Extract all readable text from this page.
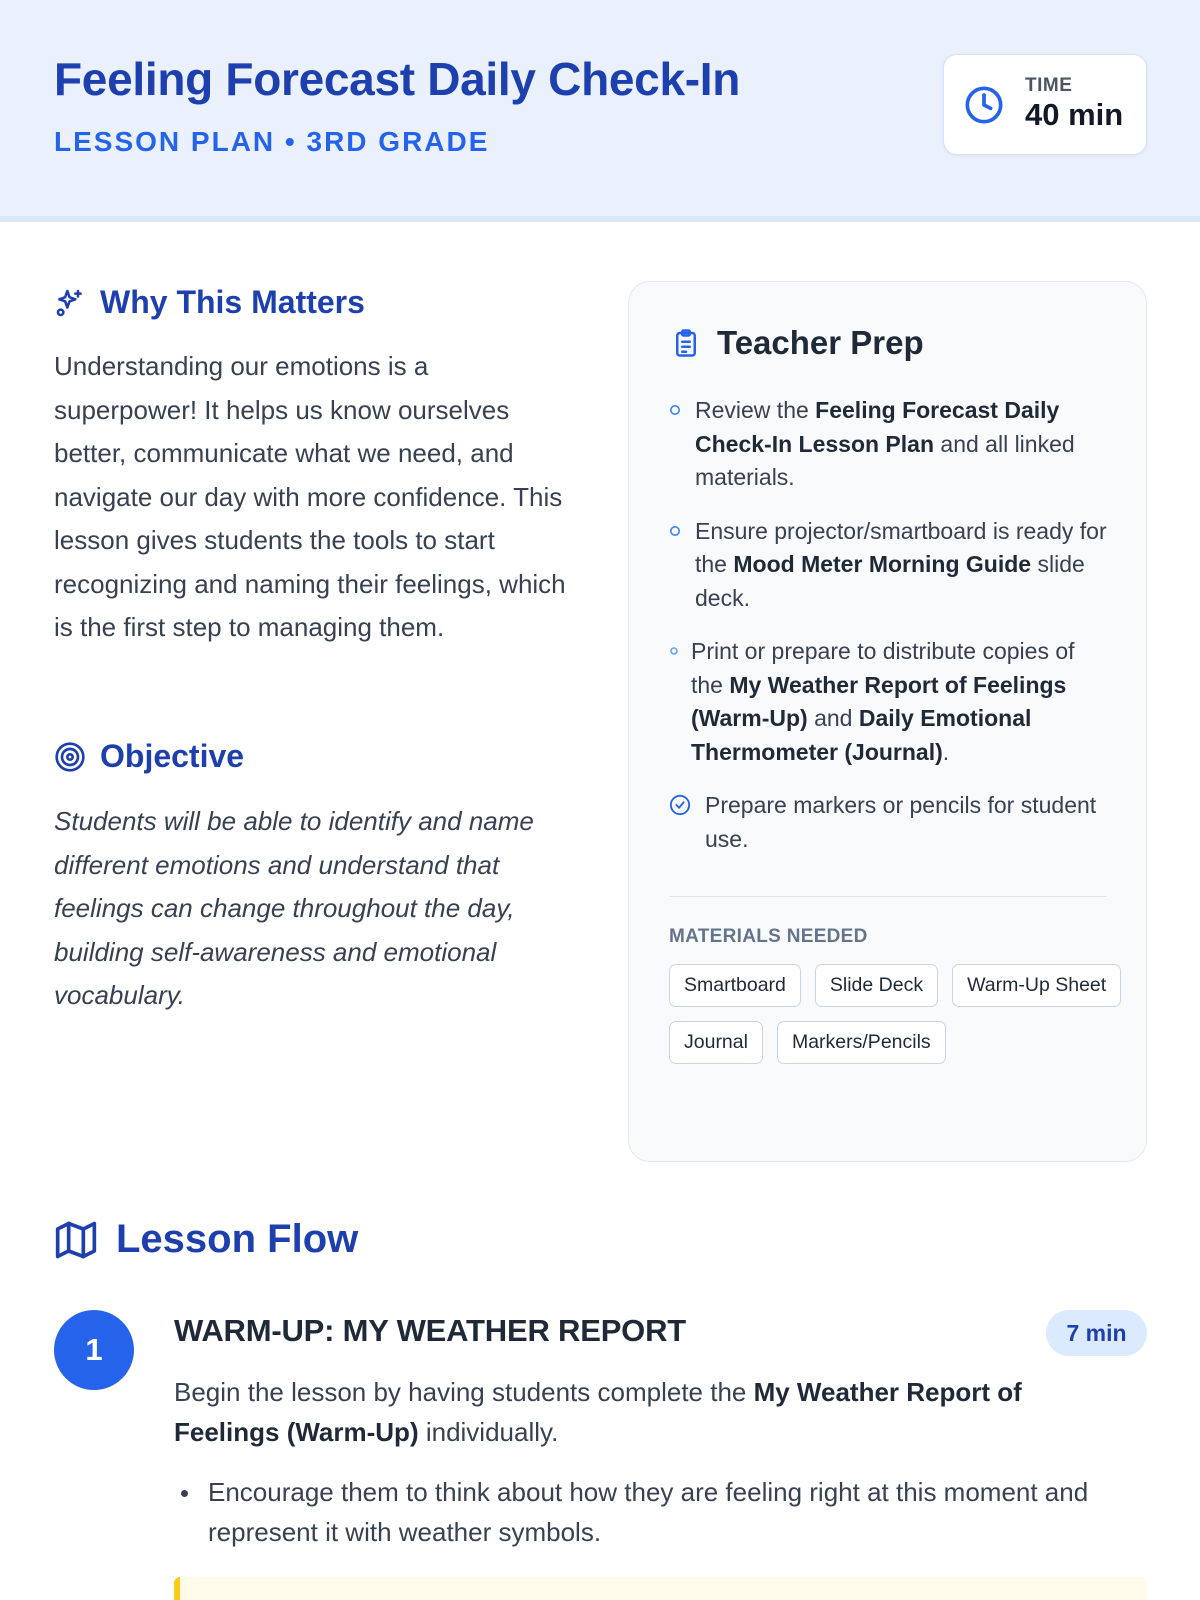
Feeling Forecast Daily Check-In
LESSON PLAN • 3RD GRADE
TIME
40 min
Why This Matters

Understanding our emotions is a superpower! It helps us know ourselves better, communicate what we need, and navigate our day with more confidence. This lesson gives students the tools to start recognizing and naming their feelings, which is the first step to managing them.

Objective

Students will be able to identify and name different emotions and understand that feelings can change throughout the day, building self-awareness and emotional vocabulary.

Teacher Prep
Review the Feeling Forecast Daily Check-In Lesson Plan and all linked materials.
Ensure projector/smartboard is ready for the Mood Meter Morning Guide slide deck.
Print or prepare to distribute copies of the My Weather Report of Feelings (Warm-Up) and Daily Emotional Thermometer (Journal).
Prepare markers or pencils for student use.
MATERIALS NEEDED
Smartboard	Slide Deck	Warm-Up Sheet
Journal	Markers/Pencils
Lesson Flow
1
WARM-UP: MY WEATHER REPORT	7 min

Begin the lesson by having students complete the My Weather Report of Feelings (Warm-Up) individually.

Encourage them to think about how they are feeling right at this moment and represent it with weather symbols.
